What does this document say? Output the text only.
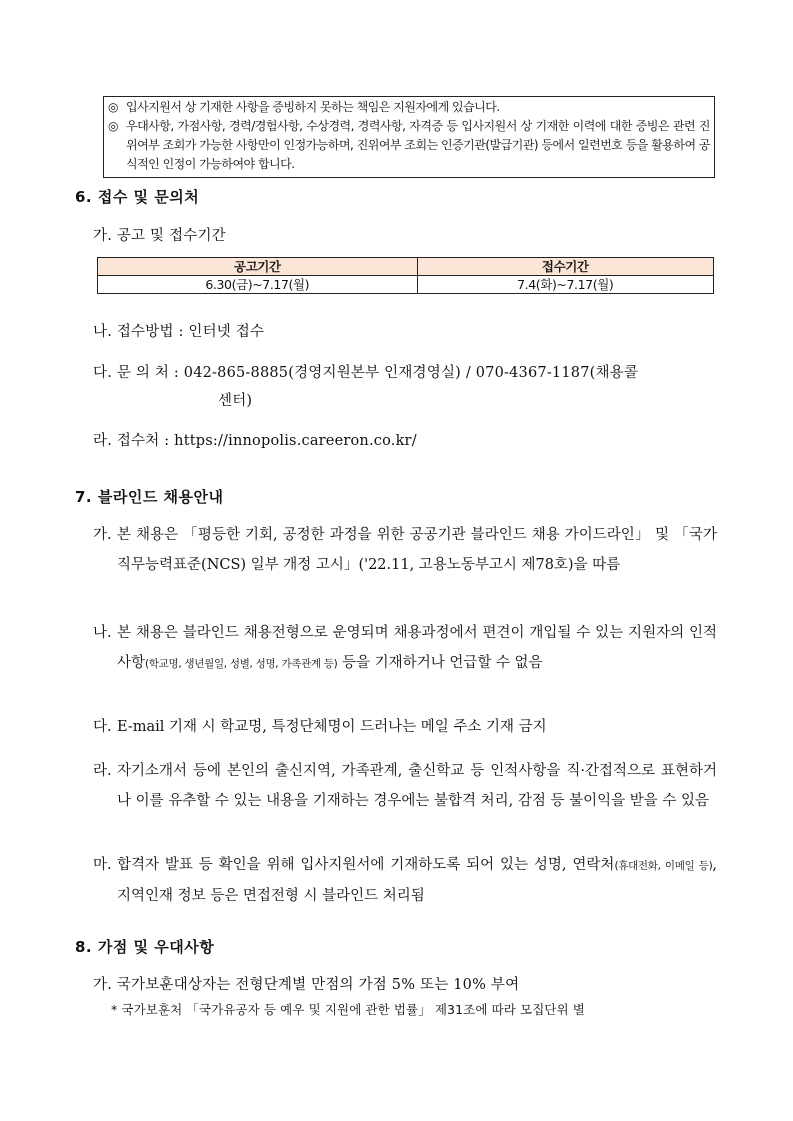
◎ 입사지원서 상 기재한 사항을 증빙하지 못하는 책임은 지원자에게 있습니다.
◎ 우대사항, 가점사항, 경력/경험사항, 수상경력, 경력사항, 자격증 등 입사지원서 상 기재한 이력에 대한 증빙은 관련 진위여부 조회가 가능한 사항만이 인정가능하며, 진위여부 조회는 인증기관(발급기관) 등에서 일련번호 등을 활용하여 공식적인 인정이 가능하여야 합니다.
6. 접수 및 문의처
가. 공고 및 접수기간
공고기간	접수기간
6.30(금)~7.17(월)	7.4(화)~7.17(월)
나. 접수방법 : 인터넷 접수
다. 문 의 처 : 042-865-8885(경영지원본부 인재경영실) / 070-4367-1187(채용콜
센터)
라. 접수처 : https://innopolis.careeron.co.kr/
7. 블라인드 채용안내
가. 본 채용은 「평등한 기회, 공정한 과정을 위한 공공기관 블라인드 채용 가이드라인」 및 「국가직무능력표준(NCS) 일부 개정 고시」('22.11, 고용노동부고시 제78호)을 따름
나. 본 채용은 블라인드 채용전형으로 운영되며 채용과정에서 편견이 개입될 수 있는 지원자의 인적사항(학교명, 생년월일, 성별, 성명, 가족관계 등) 등을 기재하거나 언급할 수 없음
다. E-mail 기재 시 학교명, 특정단체명이 드러나는 메일 주소 기재 금지
라. 자기소개서 등에 본인의 출신지역, 가족관계, 출신학교 등 인적사항을 직·간접적으로 표현하거나 이를 유추할 수 있는 내용을 기재하는 경우에는 불합격 처리, 감점 등 불이익을 받을 수 있음
마. 합격자 발표 등 확인을 위해 입사지원서에 기재하도록 되어 있는 성명, 연락처(휴대전화, 이메일 등), 지역인재 정보 등은 면접전형 시 블라인드 처리됨
8. 가점 및 우대사항
가. 국가보훈대상자는 전형단계별 만점의 가점 5% 또는 10% 부여
* 국가보훈처 「국가유공자 등 예우 및 지원에 관한 법률」 제31조에 따라 모집단위 별
